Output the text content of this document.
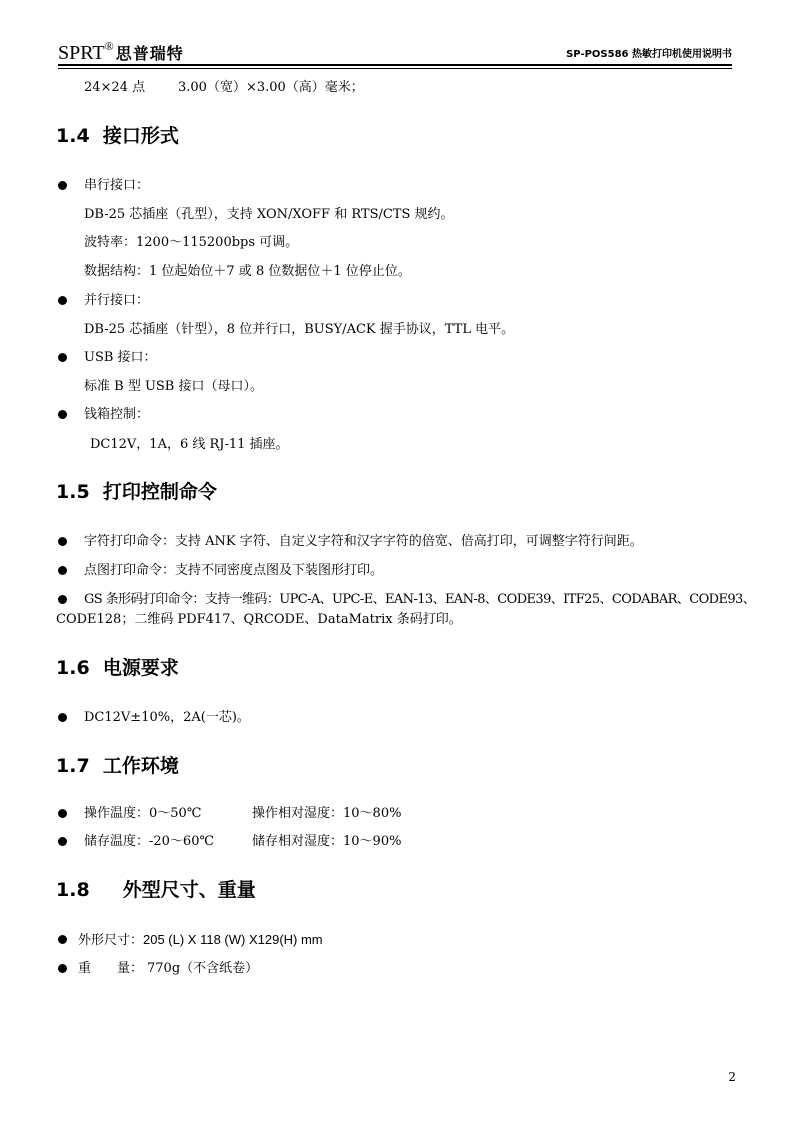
SPRT® 思普瑞特	SP-POS586 热敏打印机使用说明书
24×24 点	3.00（宽）×3.00（高）毫米；
1.4 接口形式
串行接口：
DB-25 芯插座（孔型），支持 XON/XOFF 和 RTS/CTS 规约。
波特率：1200～115200bps 可调。
数据结构：1 位起始位＋7 或 8 位数据位＋1 位停止位。
并行接口：
DB-25 芯插座（针型），8 位并行口，BUSY/ACK 握手协议，TTL 电平。
USB 接口：
标准 B 型 USB 接口（母口）。
钱箱控制：
DC12V，1A，6 线 RJ-11 插座。
1.5 打印控制命令
字符打印命令：支持 ANK 字符、自定义字符和汉字字符的倍宽、倍高打印，可调整字符行间距。
点图打印命令：支持不同密度点图及下装图形打印。
GS 条形码打印命令：支持一维码：UPC-A、UPC-E、EAN-13、EAN-8、CODE39、ITF25、CODABAR、CODE93、
CODE128；二维码 PDF417、QRCODE、DataMatrix 条码打印。
1.6 电源要求
DC12V±10%，2A(一芯)。
1.7 工作环境
操作温度：0～50℃	操作相对湿度：10～80%
储存温度：-20～60℃	储存相对湿度：10～90%
1.8 外型尺寸、重量
外形尺寸：205 (L) X 118 (W) X129(H) mm
重　　量： 770g（不含纸卷）
2
